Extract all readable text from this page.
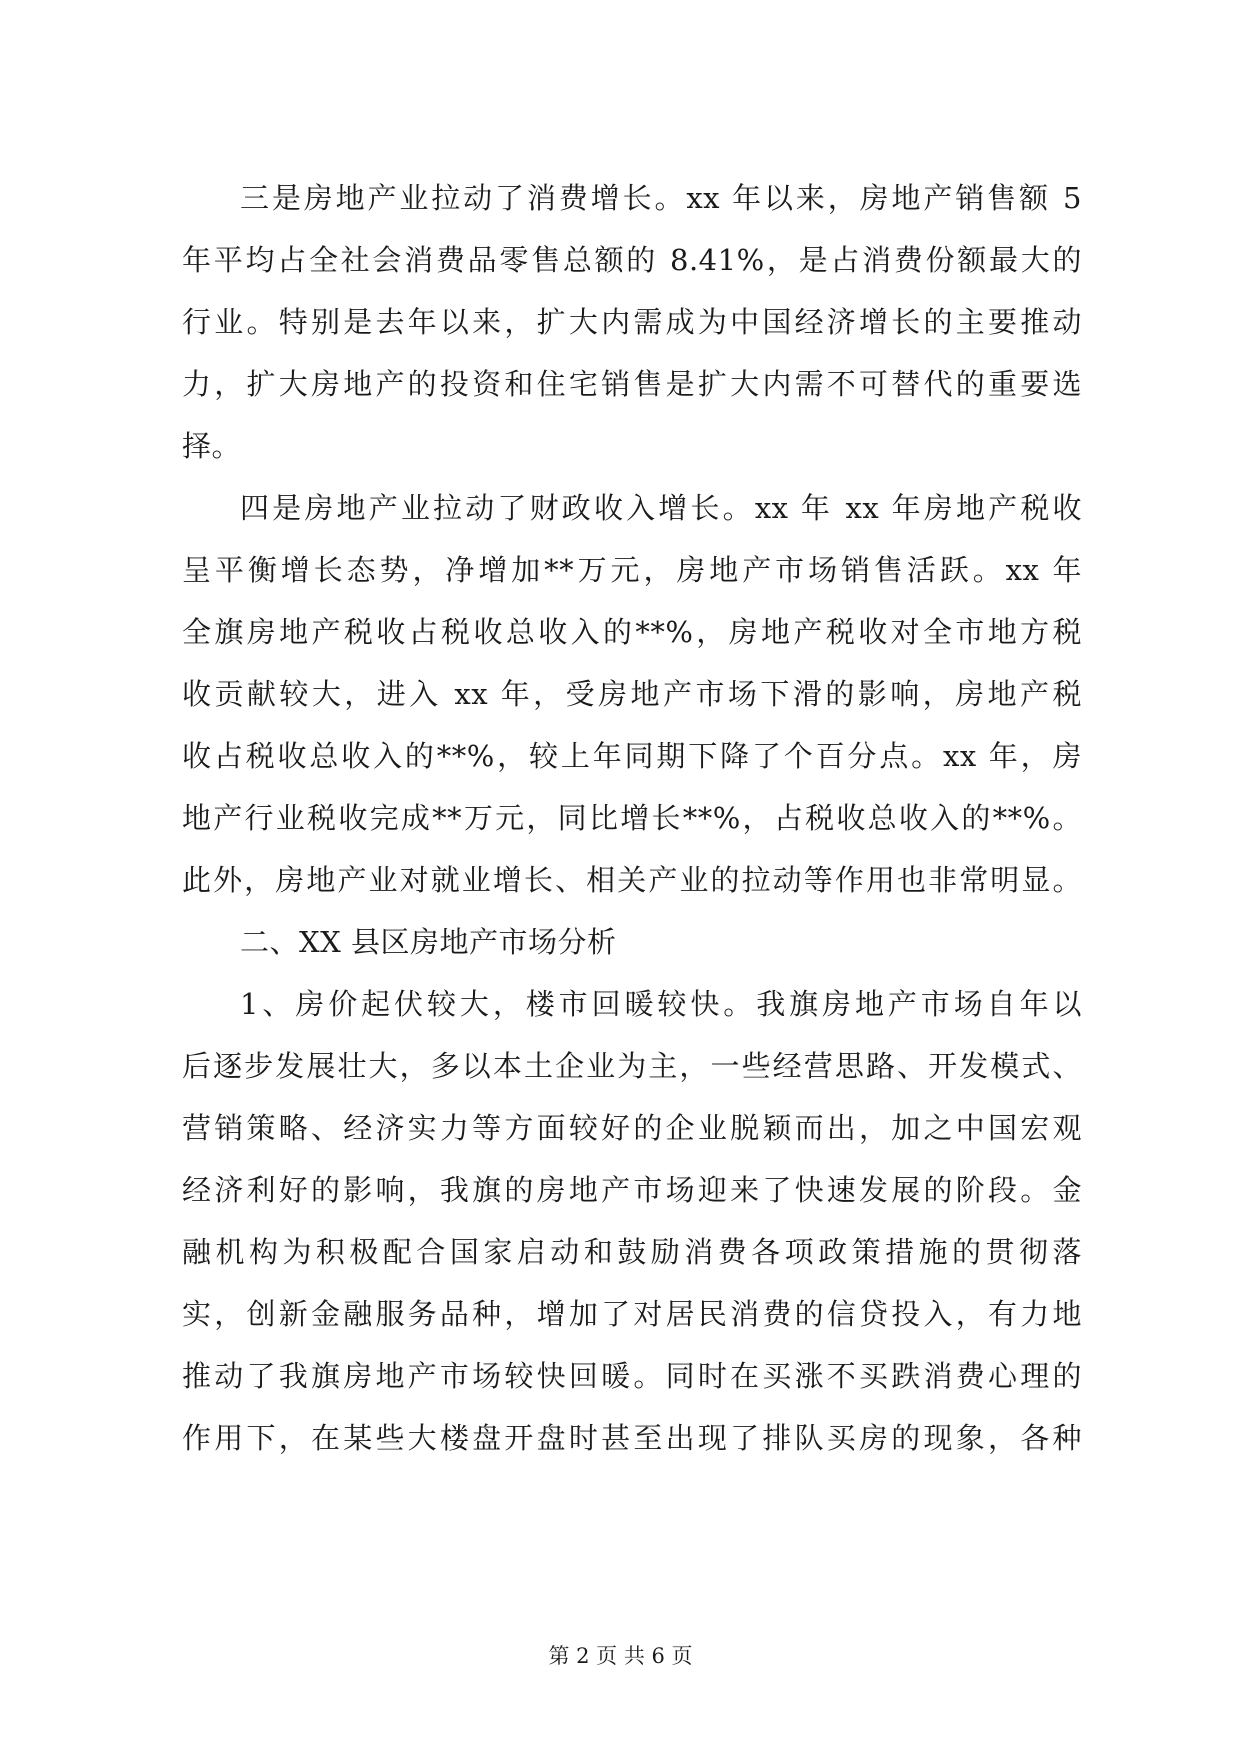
三是房地产业拉动了消费增长。xx 年以来，房地产销售额 5
年平均占全社会消费品零售总额的 8.41%，是占消费份额最大的
行业。特别是去年以来，扩大内需成为中国经济增长的主要推动
力，扩大房地产的投资和住宅销售是扩大内需不可替代的重要选
择。
四是房地产业拉动了财政收入增长。xx 年 xx 年房地产税收
呈平衡增长态势，净增加**万元，房地产市场销售活跃。xx 年
全旗房地产税收占税收总收入的**%，房地产税收对全市地方税
收贡献较大，进入 xx 年，受房地产市场下滑的影响，房地产税
收占税收总收入的**%，较上年同期下降了个百分点。xx 年，房
地产行业税收完成**万元，同比增长**%，占税收总收入的**%。
此外，房地产业对就业增长、相关产业的拉动等作用也非常明显。
二、XX 县区房地产市场分析
1、房价起伏较大，楼市回暖较快。我旗房地产市场自年以
后逐步发展壮大，多以本土企业为主，一些经营思路、开发模式、
营销策略、经济实力等方面较好的企业脱颖而出，加之中国宏观
经济利好的影响，我旗的房地产市场迎来了快速发展的阶段。金
融机构为积极配合国家启动和鼓励消费各项政策措施的贯彻落
实，创新金融服务品种，增加了对居民消费的信贷投入，有力地
推动了我旗房地产市场较快回暖。同时在买涨不买跌消费心理的
作用下，在某些大楼盘开盘时甚至出现了排队买房的现象，各种
第 2 页 共 6 页
